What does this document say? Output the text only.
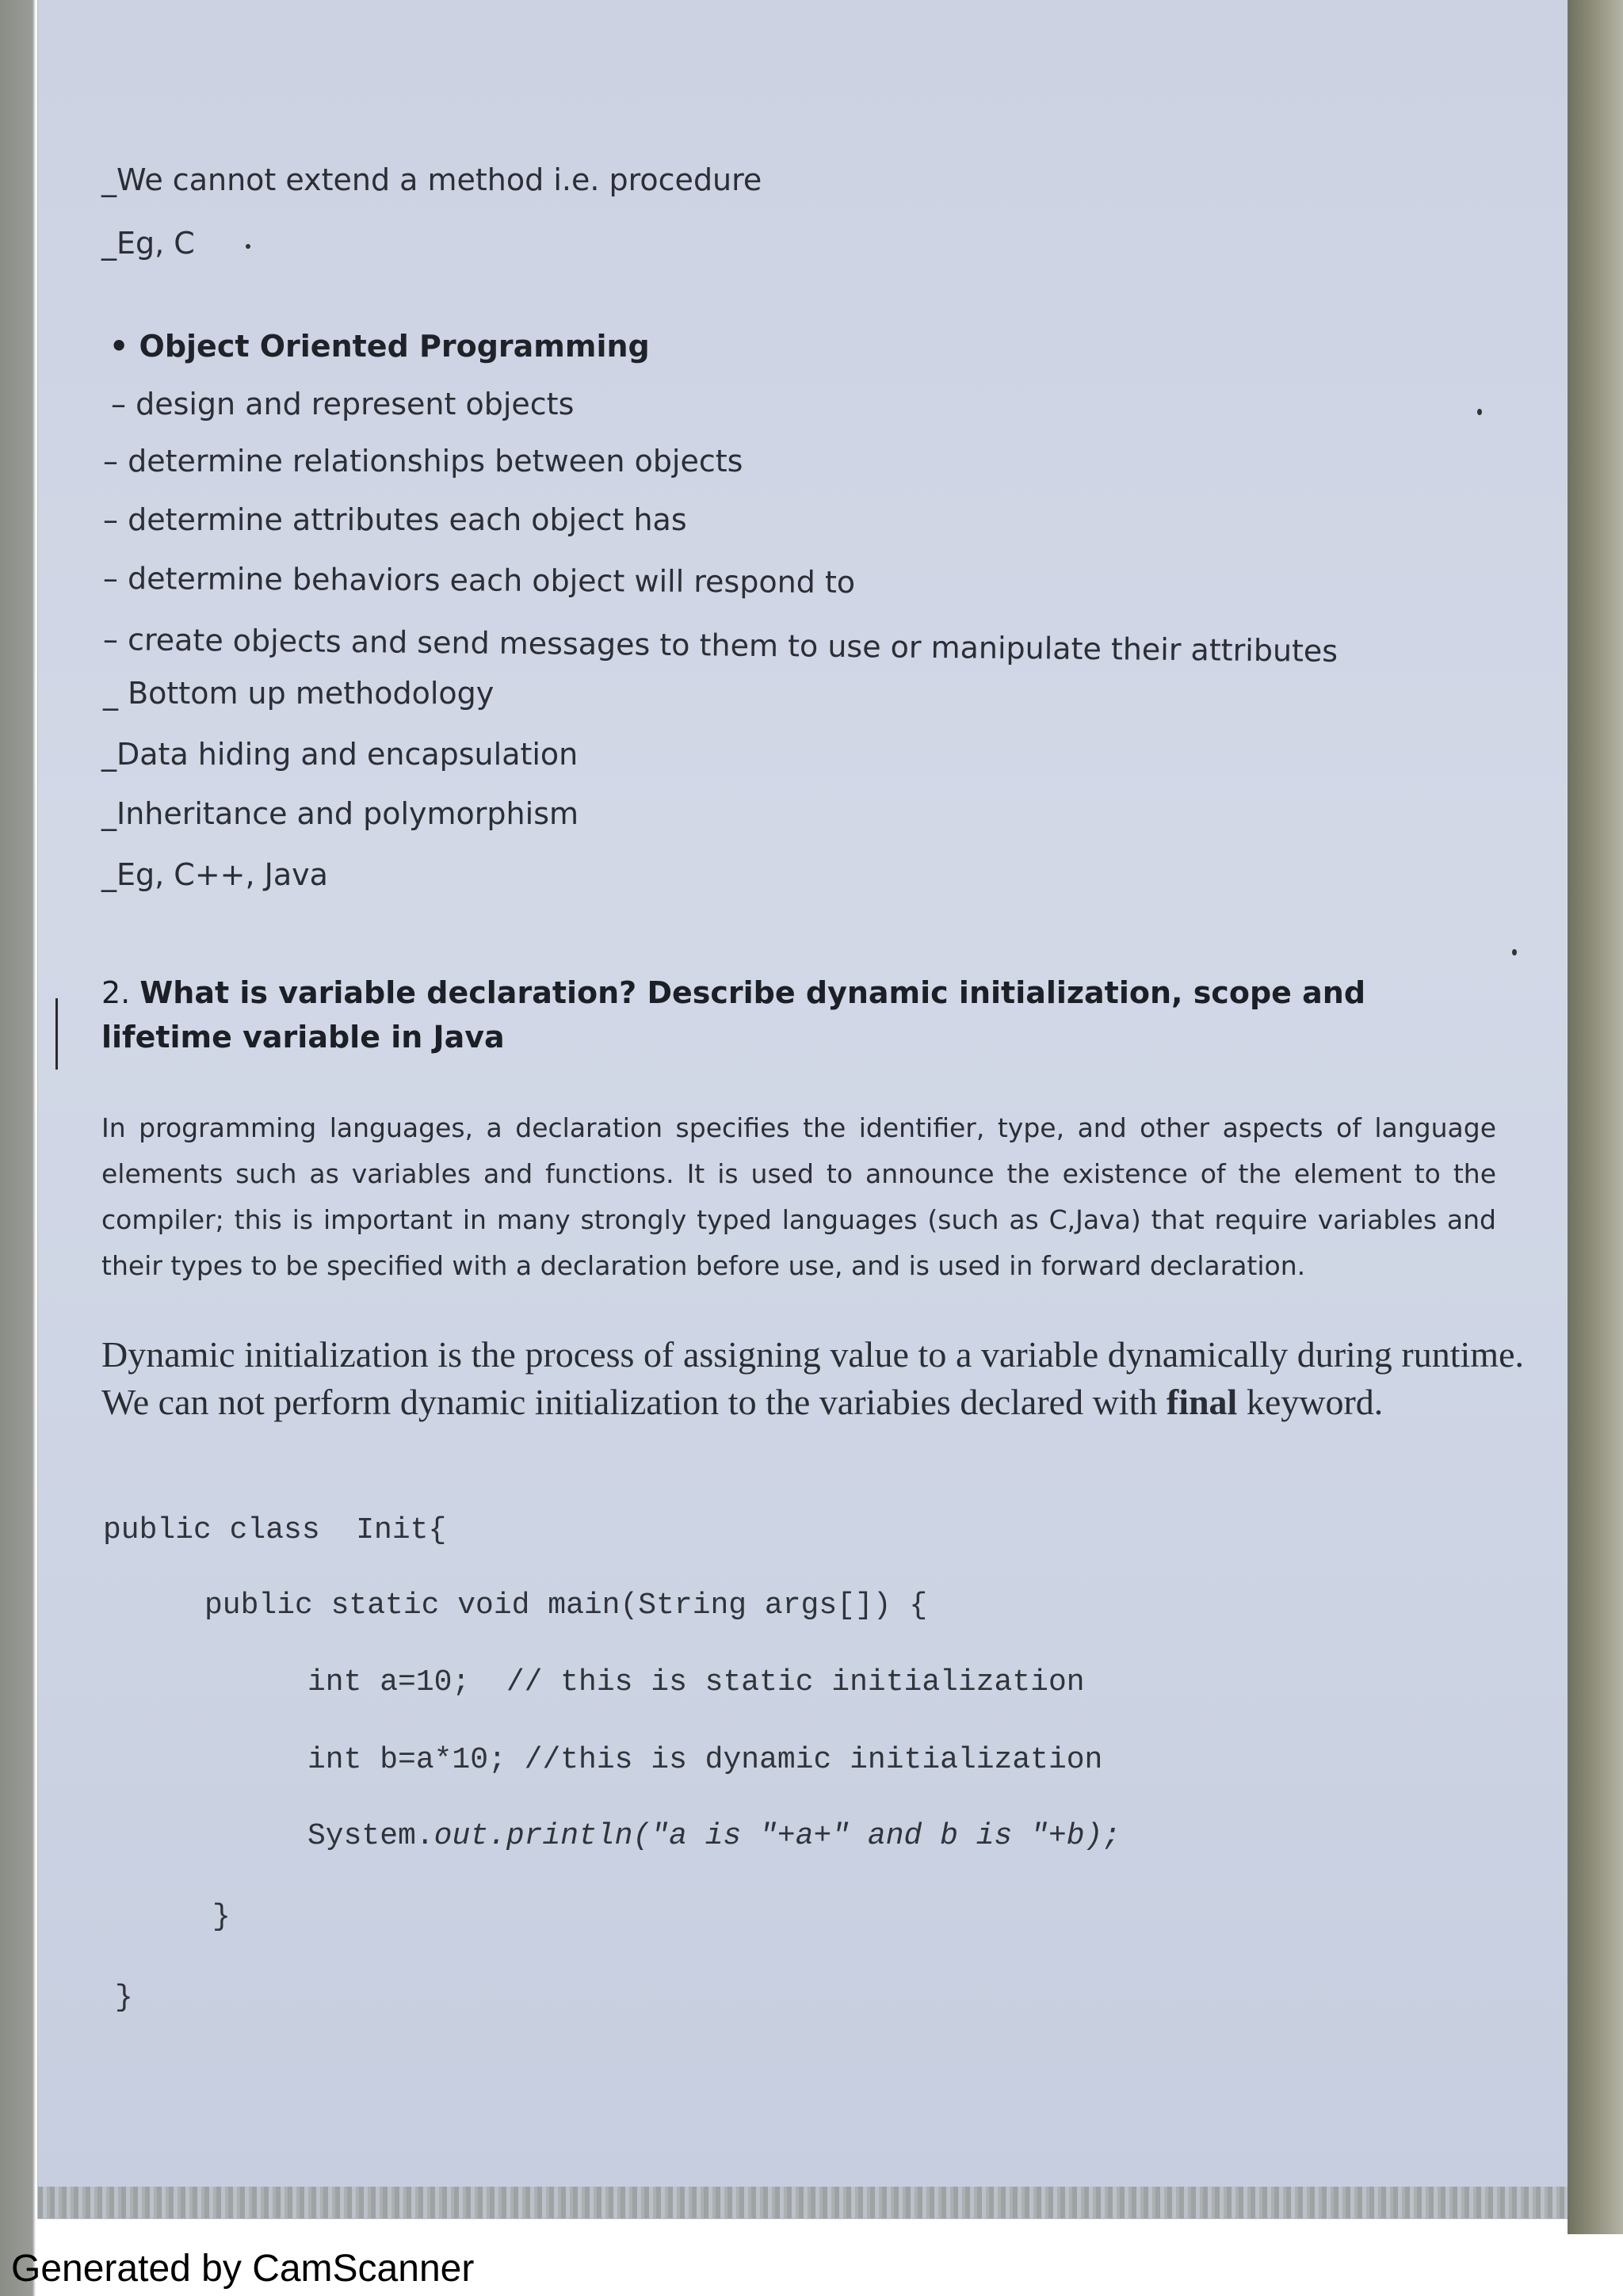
_We cannot extend a method i.e. procedure
_Eg, C
• Object Oriented Programming
– design and represent objects
– determine relationships between objects
– determine attributes each object has
– determine behaviors each object will respond to
– create objects and send messages to them to use or manipulate their attributes
_ Bottom up methodology
_Data hiding and encapsulation
_Inheritance and polymorphism
_Eg, C++, Java
2. What is variable declaration? Describe dynamic initialization, scope and lifetime variable in Java
In programming languages, a declaration specifies the identifier, type, and other aspects of language elements such as variables and functions. It is used to announce the existence of the element to the compiler; this is important in many strongly typed languages (such as C,Java) that require variables and their types to be specified with a declaration before use, and is used in forward declaration.
Dynamic initialization is the process of assigning value to a variable dynamically during runtime. We can not perform dynamic initialization to the variabies declared with final keyword.
public class  Init{
public static void main(String args[]) {
int a=10;  // this is static initialization
int b=a*10; //this is dynamic initialization
System.out.println("a is "+a+" and b is "+b);
}
}
Generated by CamScanner
